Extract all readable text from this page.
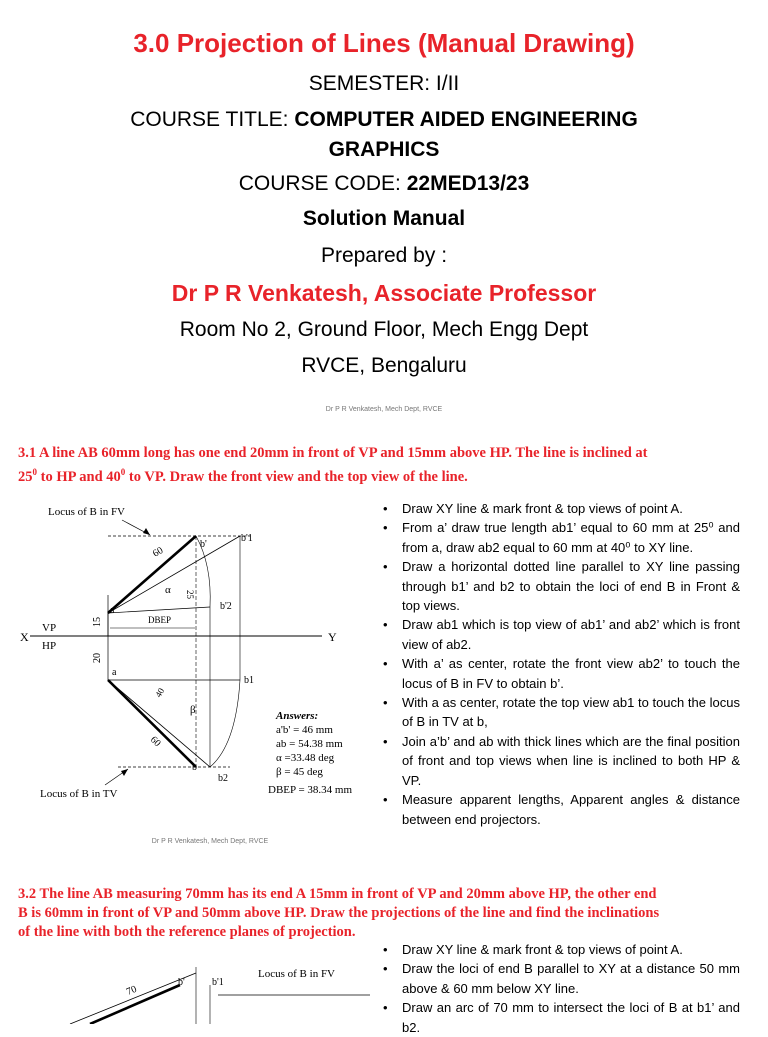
3.0 Projection of Lines (Manual Drawing)
SEMESTER: I/II
COURSE TITLE: COMPUTER AIDED ENGINEERING
GRAPHICS
COURSE CODE: 22MED13/23
Solution Manual
Prepared by :
Dr P R Venkatesh, Associate Professor
Room No 2, Ground Floor, Mech Engg Dept
RVCE, Bengaluru
Dr P R Venkatesh, Mech Dept, RVCE
3.1 A line AB 60mm long has one end 20mm in front of VP and 15mm above HP. The line is inclined at
$25^0$ to HP and $40^0$ to VP. Draw the front view and the top view of the line.
X	Y
VP
HP
15
20
DBEP
60
25
α
60
40
β
a
a
b'
b'1
b'2
b1
b
b2
Locus of B in FV
Locus of B in TV
Answers:
a'b' = 46 mm
ab = 54.38 mm
α =33.48 deg
β = 45 deg
DBEP = 38.34 mm
• Draw XY line & mark front & top views of point A.
• From a’ draw true length ab1’ equal to 60 mm at 25⁰ and from a, draw ab2 equal to 60 mm at 40⁰ to XY line.
• Draw a horizontal dotted line parallel to XY line passing through b1’ and b2 to obtain the loci of end B in Front & top views.
• Draw ab1 which is top view of ab1’ and ab2’ which is front view of ab2.
• With a’ as center, rotate the front view ab2’ to touch the locus of B in FV to obtain b’.
• With a as center, rotate the top view ab1 to touch the locus of B in TV at b,
• Join a’b’ and ab with thick lines which are the final position of front and top views when line is inclined to both HP & VP.
• Measure apparent lengths, Apparent angles & distance between end projectors.
Dr P R Venkatesh, Mech Dept, RVCE
3.2 The line AB measuring 70mm has its end A 15mm in front of VP and 20mm above HP, the other end
B is 60mm in front of VP and 50mm above HP. Draw the projections of the line and find the inclinations
of the line with both the reference planes of projection.
Locus of B in FV
70
b'	b'1
• Draw XY line & mark front & top views of point A.
• Draw the loci of end B parallel to XY at a distance 50 mm above & 60 mm below XY line.
• Draw an arc of 70 mm to intersect the loci of B at b1’ and b2.
